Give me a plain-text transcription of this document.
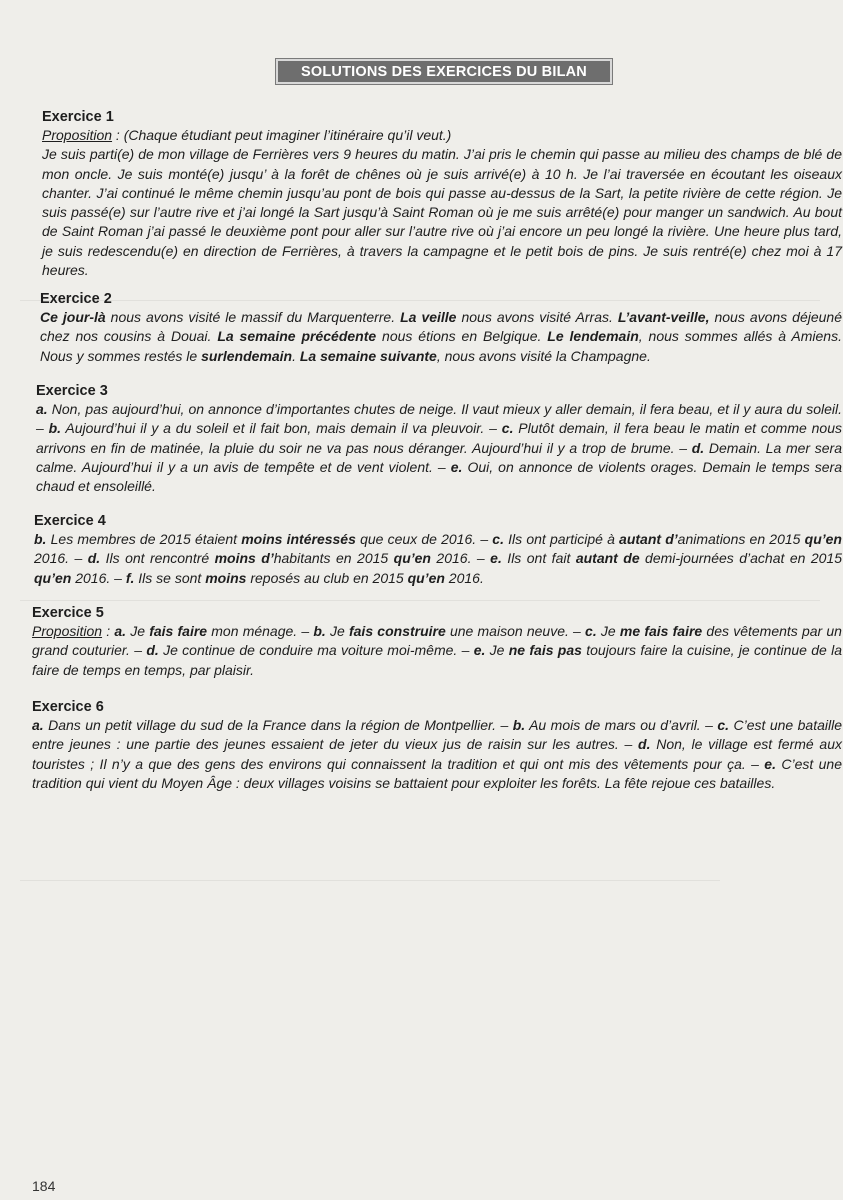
SOLUTIONS DES EXERCICES DU BILAN
Exercice 1

Proposition : (Chaque étudiant peut imaginer l’itinéraire qu’il veut.)

Je suis parti(e) de mon village de Ferrières vers 9 heures du matin. J’ai pris le chemin qui passe au milieu des champs de blé de mon oncle. Je suis monté(e) jusqu’ à la forêt de chênes où je suis arrivé(e) à 10 h. Je l’ai traversée en écoutant les oiseaux chanter. J’ai continué le même chemin jusqu’au pont de bois qui passe au-dessus de la Sart, la petite rivière de cette région. Je suis passé(e) sur l’autre rive et j’ai longé la Sart jusqu’à Saint Roman où je me suis arrêté(e) pour manger un sandwich. Au bout de Saint Roman j’ai passé le deuxième pont pour aller sur l’autre rive où j’ai encore un peu longé la rivière. Une heure plus tard, je suis redescendu(e) en direction de Ferrières, à travers la campagne et le petit bois de pins. Je suis rentré(e) chez moi à 17 heures.

Exercice 2

Ce jour-là nous avons visité le massif du Marquenterre. La veille nous avons visité Arras. L’avant-veille, nous avons déjeuné chez nos cousins à Douai. La semaine précédente nous étions en Belgique. Le lendemain, nous sommes allés à Amiens. Nous y sommes restés le surlendemain. La semaine suivante, nous avons visité la Champagne.

Exercice 3

a. Non, pas aujourd’hui, on annonce d’importantes chutes de neige. Il vaut mieux y aller demain, il fera beau, et il y aura du soleil. – b. Aujourd’hui il y a du soleil et il fait bon, mais demain il va pleuvoir. – c. Plutôt demain, il fera beau le matin et comme nous arrivons en fin de matinée, la pluie du soir ne va pas nous déranger. Aujourd’hui il y a trop de brume. – d. Demain. La mer sera calme. Aujourd’hui il y a un avis de tempête et de vent violent. – e. Oui, on annonce de violents orages. Demain le temps sera chaud et ensoleillé.

Exercice 4

b. Les membres de 2015 étaient moins intéressés que ceux de 2016. – c. Ils ont participé à autant d’animations en 2015 qu’en 2016. – d. Ils ont rencontré moins d’habitants en 2015 qu’en 2016. – e. Ils ont fait autant de demi-journées d’achat en 2015 qu’en 2016. – f. Ils se sont moins reposés au club en 2015 qu’en 2016.

Exercice 5

Proposition : a. Je fais faire mon ménage. – b. Je fais construire une maison neuve. – c. Je me fais faire des vêtements par un grand couturier. – d. Je continue de conduire ma voiture moi-même. – e. Je ne fais pas toujours faire la cuisine, je continue de la faire de temps en temps, par plaisir.

Exercice 6

a. Dans un petit village du sud de la France dans la région de Montpellier. – b. Au mois de mars ou d’avril. – c. C’est une bataille entre jeunes : une partie des jeunes essaient de jeter du vieux jus de raisin sur les autres. – d. Non, le village est fermé aux touristes ; Il n’y a que des gens des environs qui connaissent la tradition et qui ont mis des vêtements pour ça. – e. C’est une tradition qui vient du Moyen Âge : deux villages voisins se battaient pour exploiter les forêts. La fête rejoue ces batailles.

184
